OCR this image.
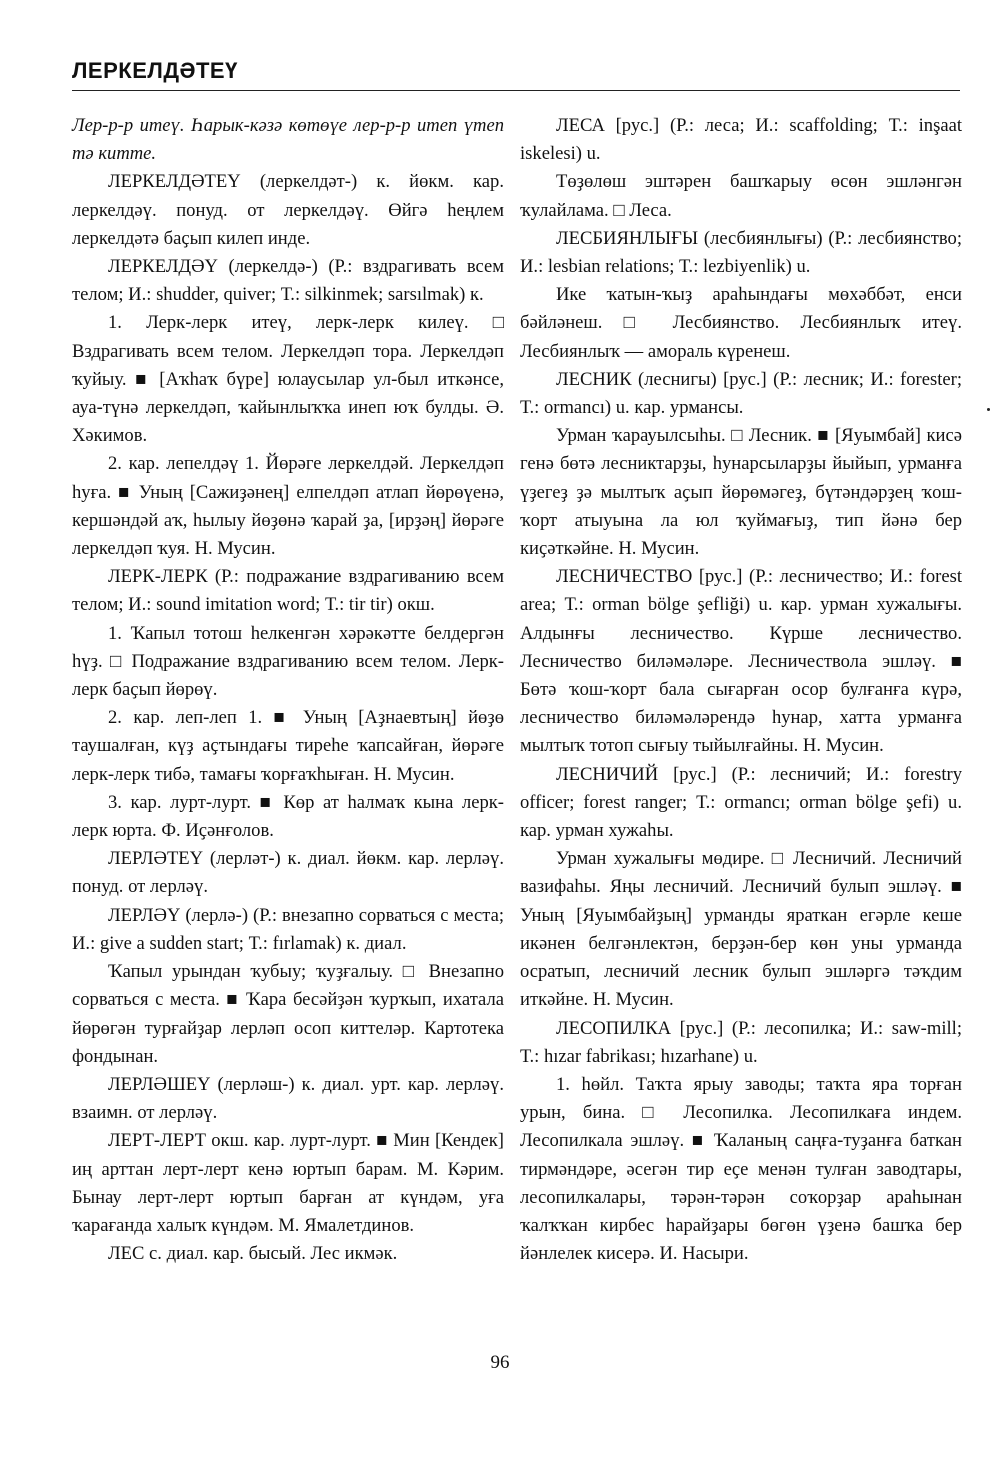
ЛЕРКЕЛДӘТЕҮ

Лер-р-р итеү. Һарык-кәзә көтөүе лер-р-р итеп үтеп тә китте.

ЛЕРКЕЛДӘТЕҮ (леркелдәт-) к. йөкм. кар. леркелдәү. понуд. от леркелдәү. Өйгә һеңлем леркелдәтә баҫып килеп инде.

ЛЕРКЕЛДӘҮ (леркелдә-) (Р.: вздрагивать всем телом; И.: shudder, quiver; Т.: silkinmek; sarsılmak) к.

1. Лерк-лерк итеү, лерк-лерк килеү. □ Вздрагивать всем телом. Леркелдәп тора. Леркелдәп ҡуйыу. ■ [Аҡһаҡ бүре] юлаусылар ул-был иткәнсе, ауа-түнә леркелдәп, ҡайынлыҡҡа инеп юҡ булды. Ә. Хәкимов.

2. кар. лепелдәү 1. Йөрәге леркелдәй. Леркелдәп һуға. ■ Уның [Сажиҙәнең] елпелдәп атлап йөрөүенә, кершәндәй аҡ, һылыу йөҙөнә ҡарай ҙа, [ирҙәң] йөрәге леркелдәп ҡуя. Н. Мусин.

ЛЕРК-ЛЕРК (Р.: подражание вздрагиванию всем телом; И.: sound imitation word; Т.: tir tir) окш.

1. Ҡапыл тотош һелкенгән хәрәкәтте белдергән һүҙ. □ Подражание вздрагиванию всем телом. Лерк-лерк баҫып йөрөү.

2. кар. леп-леп 1. ■ Уның [Аҙнаевтың] йөҙө таушалған, күҙ аҫтындағы тиреһе ҡапсайған, йөрәге лерк-лерк тибә, тамағы ҡорғаҡһыған. Н. Мусин.

3. кар. лурт-лурт. ■ Көр ат һалмаҡ кына лерк-лерк юрта. Ф. Иҫәнғолов.

ЛЕРЛӘТЕҮ (лерләт-) к. диал. йөкм. кар. лерләү. понуд. от лерләү.

ЛЕРЛӘҮ (лерлә-) (Р.: внезапно сорваться с места; И.: give a sudden start; Т.: fırlamak) к. диал.

Ҡапыл урындан ҡубыу; ҡуҙғалыу. □ Внезапно сорваться с места. ■ Ҡара бесәйҙән ҡурҡып, ихатала йөрөгән турғайҙар лерләп осоп киттеләр. Картотека фондынан.

ЛЕРЛӘШЕҮ (лерләш-) к. диал. урт. кар. лерләү. взаимн. от лерләү.

ЛЕРТ-ЛЕРТ окш. кар. лурт-лурт. ■ Мин [Кендек] иң арттан лерт-лерт кенә юртып барам. М. Кәрим. Бынау лерт-лерт юртып барған ат күндәм, уға ҡарағанда халыҡ күндәм. М. Ямалетдинов.

ЛЕС с. диал. кар. бысый. Лес икмәк.

ЛЕСА [рус.] (Р.: леса; И.: scaffolding; Т.: inşaat iskelesi) u.

Төҙөлөш эштәрен башҡарыу өсөн эшләнгән ҡулайлама. □ Леса.

ЛЕСБИЯНЛЫҒЫ (лесбиянлығы) (Р.: лесбиянство; И.: lesbian relations; Т.: lezbiyenlik) u.

Ике ҡатын-ҡыҙ араһындағы мөхәббәт, енси бәйләнеш. □ Лесбиянство. Лесбиянлыҡ итеү. Лесбиянлыҡ — амораль күренеш.

ЛЕСНИК (леснигы) [рус.] (Р.: лесник; И.: forester; Т.: ormancı) u. кар. урмансы.

Урман ҡарауылсыһы. □ Лесник. ■ [Яуымбай] кисә генә бөтә лесниктарҙы, һунарсыларҙы йыйып, урманға үҙегеҙ ҙә мылтыҡ аҫып йөрөмәгеҙ, бүтәндәрҙең ҡош-ҡорт атыуына ла юл ҡуймағыҙ, тип йәнә бер киҫәткәйне. Н. Мусин.

ЛЕСНИЧЕСТВО [рус.] (Р.: лесничество; И.: forest area; Т.: orman bölge şefliği) u. кар. урман хужалығы. Алдынғы лесничество. Күрше лесничество. Лесничество биләмәләре. Лесничествола эшләү. ■ Бөтә ҡош-ҡорт бала сығарған осор булғанға күрә, лесничество биләмәләрендә һунар, хатта урманға мылтыҡ тотоп сығыу тыйылғайны. Н. Мусин.

ЛЕСНИЧИЙ [рус.] (Р.: лесничий; И.: forestry officer; forest ranger; Т.: ormancı; orman bölge şefi) u. кар. урман хужаһы.

Урман хужалығы мөдире. □ Лесничий. Лесничий вазифаһы. Яңы лесничий. Лесничий булып эшләү. ■ Уның [Яуымбайҙың] урманды яраткан егәрле кеше икәнен белгәнлектән, берҙән-бер көн уны урманда осратып, лесничий лесник булып эшләргә тәҡдим иткәйне. Н. Мусин.

ЛЕСОПИЛКА [рус.] (Р.: лесопилка; И.: saw-mill; Т.: hızar fabrikası; hızarhane) u.

1. һөйл. Таҡта ярыу заводы; таҡта яра торған урын, бина. □ Лесопилка. Лесопилкаға индем. Лесопилкала эшләү. ■ Ҡаланың саңға-туҙанға баткан тирмәндәре, әсегән тир еҫе менән тулған заводтары, лесопилкалары, тәрән-тәрән соҡорҙар араһынан ҡалҡҡан кирбес һарайҙары бөгөн үҙенә башҡа бер йәнлелек кисерә. И. Насыри.

96
